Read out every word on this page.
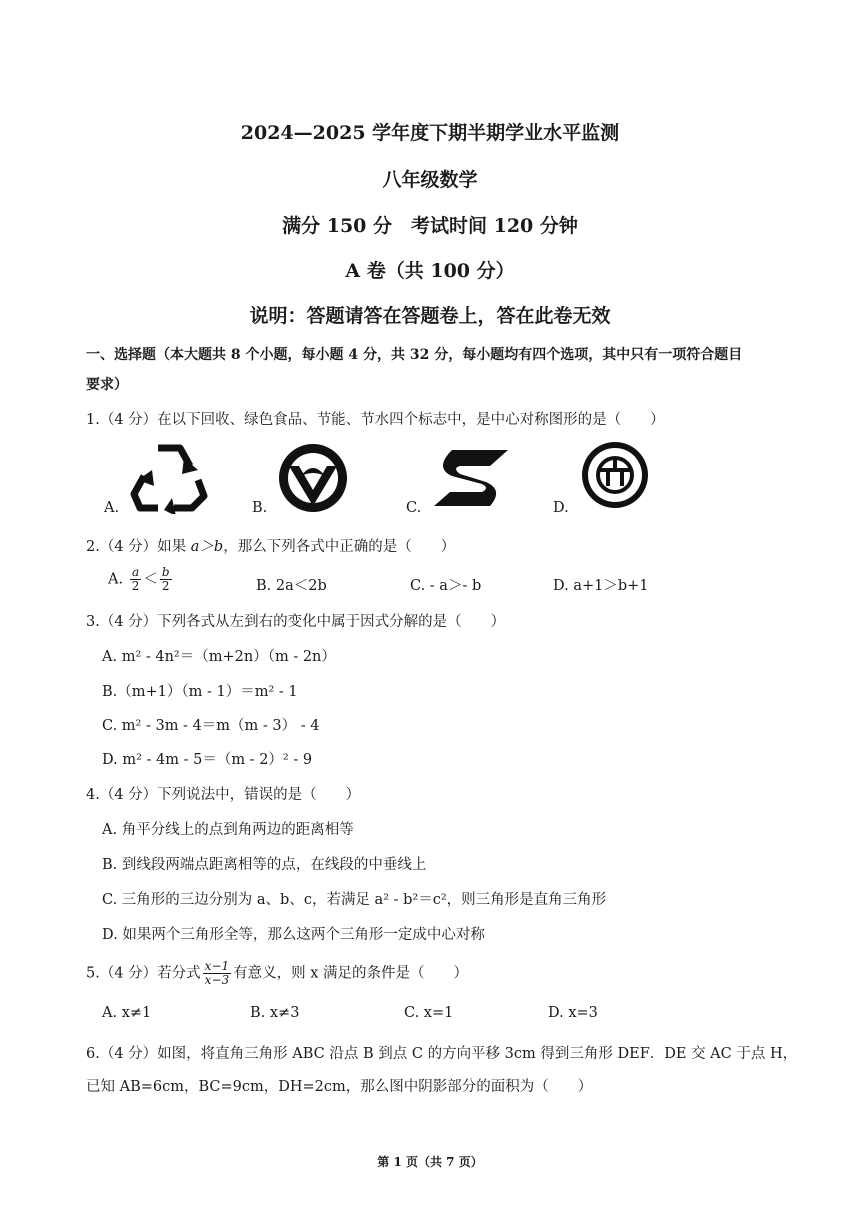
2024—2025 学年度下期半期学业水平监测
八年级数学
满分 150 分　考试时间 120 分钟
A 卷（共 100 分）
说明：答题请答在答题卷上，答在此卷无效
一、选择题（本大题共 8 个小题，每小题 4 分，共 32 分，每小题均有四个选项，其中只有一项符合题目
要求）
1.（4 分）在以下回收、绿色食品、节能、节水四个标志中，是中心对称图形的是（　　）
A.	B.	C.	D.
2.（4 分）如果 a＞b，那么下列各式中正确的是（　　）
A. $\frac{a}{2} < \frac{b}{2}$	B. 2a＜2b	C. - a＞- b	D. a+1＞b+1
3.（4 分）下列各式从左到右的变化中属于因式分解的是（　　）
A. m² - 4n²＝（m+2n）（m - 2n）
B.（m+1）（m - 1）＝m² - 1
C. m² - 3m - 4＝m（m - 3） - 4
D. m² - 4m - 5＝（m - 2）² - 9
4.（4 分）下列说法中，错误的是（　　）
A. 角平分线上的点到角两边的距离相等
B. 到线段两端点距离相等的点，在线段的中垂线上
C. 三角形的三边分别为 a、b、c，若满足 a² - b²＝c²，则三角形是直角三角形
D. 如果两个三角形全等，那么这两个三角形一定成中心对称
5.（4 分）若分式 $\frac{x-1}{x-3}$ 有意义，则 x 满足的条件是（　　）
A. x≠1	B. x≠3	C. x=1	D. x=3
6.（4 分）如图，将直角三角形 ABC 沿点 B 到点 C 的方向平移 3cm 得到三角形 DEF．DE 交 AC 于点 H，
已知 AB=6cm，BC=9cm，DH=2cm，那么图中阴影部分的面积为（　　）
第 1 页（共 7 页）
